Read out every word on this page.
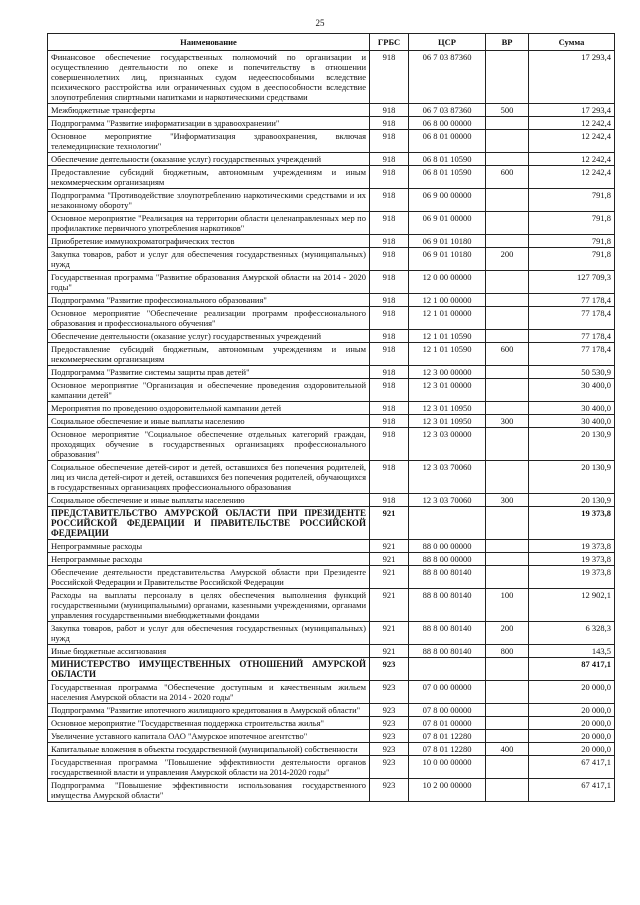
25
Наименование	ГРБС	ЦСР	ВР	Сумма
Финансовое обеспечение государственных полномочий по организации и осуществлению деятельности по опеке и попечительству в отношении совершеннолетних лиц, признанных судом недееспособными вследствие психического расстройства или ограниченных судом в дееспособности вследствие злоупотребления спиртными напитками и наркотическими средствами	918	06 7 03 87360		17 293,4
Межбюджетные трансферты	918	06 7 03 87360	500	17 293,4
Подпрограмма "Развитие информатизации в здравоохранении"	918	06 8 00 00000		12 242,4
Основное мероприятие "Информатизация здравоохранения, включая телемедицинские технологии"	918	06 8 01 00000		12 242,4
Обеспечение деятельности (оказание услуг) государственных учреждений	918	06 8 01 10590		12 242,4
Предоставление субсидий бюджетным, автономным учреждениям и иным некоммерческим организациям	918	06 8 01 10590	600	12 242,4
Подпрограмма "Противодействие злоупотреблению наркотическими средствами и их незаконному обороту"	918	06 9 00 00000		791,8
Основное мероприятие "Реализация на территории области целенаправленных мер по профилактике первичного употребления наркотиков"	918	06 9 01 00000		791,8
Приобретение иммунохроматографических тестов	918	06 9 01 10180		791,8
Закупка товаров, работ и услуг для обеспечения государственных (муниципальных) нужд	918	06 9 01 10180	200	791,8
Государственная программа "Развитие образования Амурской области на 2014 - 2020 годы"	918	12 0 00 00000		127 709,3
Подпрограмма "Развитие профессионального образования"	918	12 1 00 00000		77 178,4
Основное мероприятие "Обеспечение реализации программ профессионального образования и профессионального обучения"	918	12 1 01 00000		77 178,4
Обеспечение деятельности (оказание услуг) государственных учреждений	918	12 1 01 10590		77 178,4
Предоставление субсидий бюджетным, автономным учреждениям и иным некоммерческим организациям	918	12 1 01 10590	600	77 178,4
Подпрограмма "Развитие системы защиты прав детей"	918	12 3 00 00000		50 530,9
Основное мероприятие "Организация и обеспечение проведения оздоровительной кампании детей"	918	12 3 01 00000		30 400,0
Мероприятия по проведению оздоровительной кампании детей	918	12 3 01 10950		30 400,0
Социальное обеспечение и иные выплаты населению	918	12 3 01 10950	300	30 400,0
Основное мероприятие "Социальное обеспечение отдельных категорий граждан, проходящих обучение в государственных организациях профессионального образования"	918	12 3 03 00000		20 130,9
Социальное обеспечение детей-сирот и детей, оставшихся без попечения родителей, лиц из числа детей-сирот и детей, оставшихся без попечения родителей, обучающихся в государственных организациях профессионального образования	918	12 3 03 70060		20 130,9
Социальное обеспечение и иные выплаты населению	918	12 3 03 70060	300	20 130,9
ПРЕДСТАВИТЕЛЬСТВО АМУРСКОЙ ОБЛАСТИ ПРИ ПРЕЗИДЕНТЕ РОССИЙСКОЙ ФЕДЕРАЦИИ И ПРАВИТЕЛЬСТВЕ РОССИЙСКОЙ ФЕДЕРАЦИИ	921			19 373,8
Непрограммные расходы	921	88 0 00 00000		19 373,8
Непрограммные расходы	921	88 8 00 00000		19 373,8
Обеспечение деятельности представительства Амурской области при Президенте Российской Федерации и Правительстве Российской Федерации	921	88 8 00 80140		19 373,8
Расходы на выплаты персоналу в целях обеспечения выполнения функций государственными (муниципальными) органами, казенными учреждениями, органами управления государственными внебюджетными фондами	921	88 8 00 80140	100	12 902,1
Закупка товаров, работ и услуг для обеспечения государственных (муниципальных) нужд	921	88 8 00 80140	200	6 328,3
Иные бюджетные ассигнования	921	88 8 00 80140	800	143,5
МИНИСТЕРСТВО ИМУЩЕСТВЕННЫХ ОТНОШЕНИЙ АМУРСКОЙ ОБЛАСТИ	923			87 417,1
Государственная программа "Обеспечение доступным и качественным жильем населения Амурской области на 2014 - 2020 годы"	923	07 0 00 00000		20 000,0
Подпрограмма "Развитие ипотечного жилищного кредитования в Амурской области"	923	07 8 00 00000		20 000,0
Основное мероприятие "Государственная поддержка строительства жилья"	923	07 8 01 00000		20 000,0
Увеличение уставного капитала ОАО "Амурское ипотечное агентство"	923	07 8 01 12280		20 000,0
Капитальные вложения в объекты государственной (муниципальной) собственности	923	07 8 01 12280	400	20 000,0
Государственная программа "Повышение эффективности деятельности органов государственной власти и управления Амурской области на 2014-2020 годы"	923	10 0 00 00000		67 417,1
Подпрограмма "Повышение эффективности использования государственного имущества Амурской области"	923	10 2 00 00000		67 417,1
